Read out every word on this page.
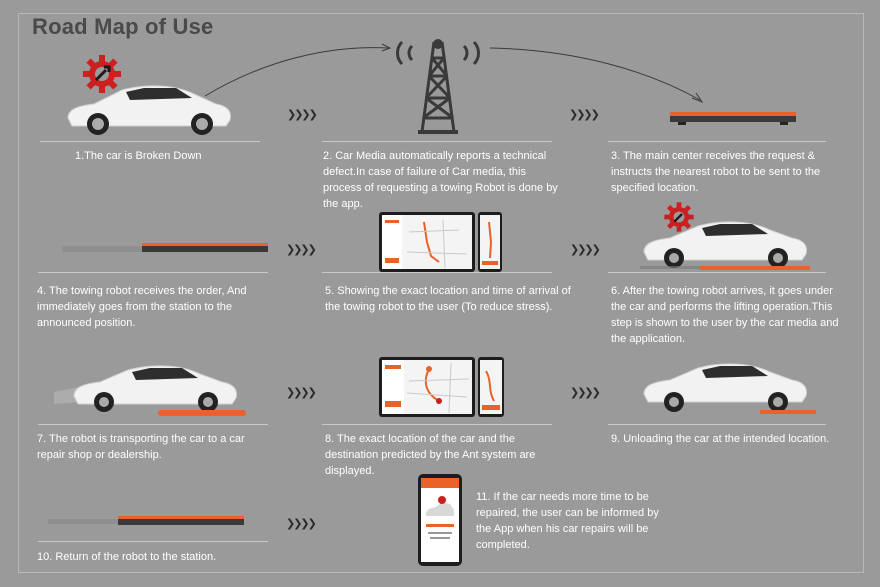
Road Map of Use
1.The car is Broken Down
❯❯❯❯
2. Car Media automatically reports a technical defect.In case of failure of Car media, this process of requesting a towing Robot is done by the app.
❯❯❯❯
3. The main center receives the request & instructs the nearest robot to be sent to the specified location.
4. The towing robot receives the order, And immediately goes from the station to the announced position.
❯❯❯❯
5. Showing the exact location and time of arrival of the towing robot to the user (To reduce stress).
❯❯❯❯
6. After the towing robot arrives, it goes under the car and performs the lifting operation.This step is shown to the user by the car media and the application.
7. The robot is transporting the car to a car repair shop or dealership.
❯❯❯❯
8. The exact location of the car and the destination predicted by the Ant system are displayed.
❯❯❯❯
9. Unloading the car at the intended location.
10. Return of the robot to the station.
❯❯❯❯
11. If the car needs more time to be repaired, the user can be informed by the App when his car repairs will be completed.
